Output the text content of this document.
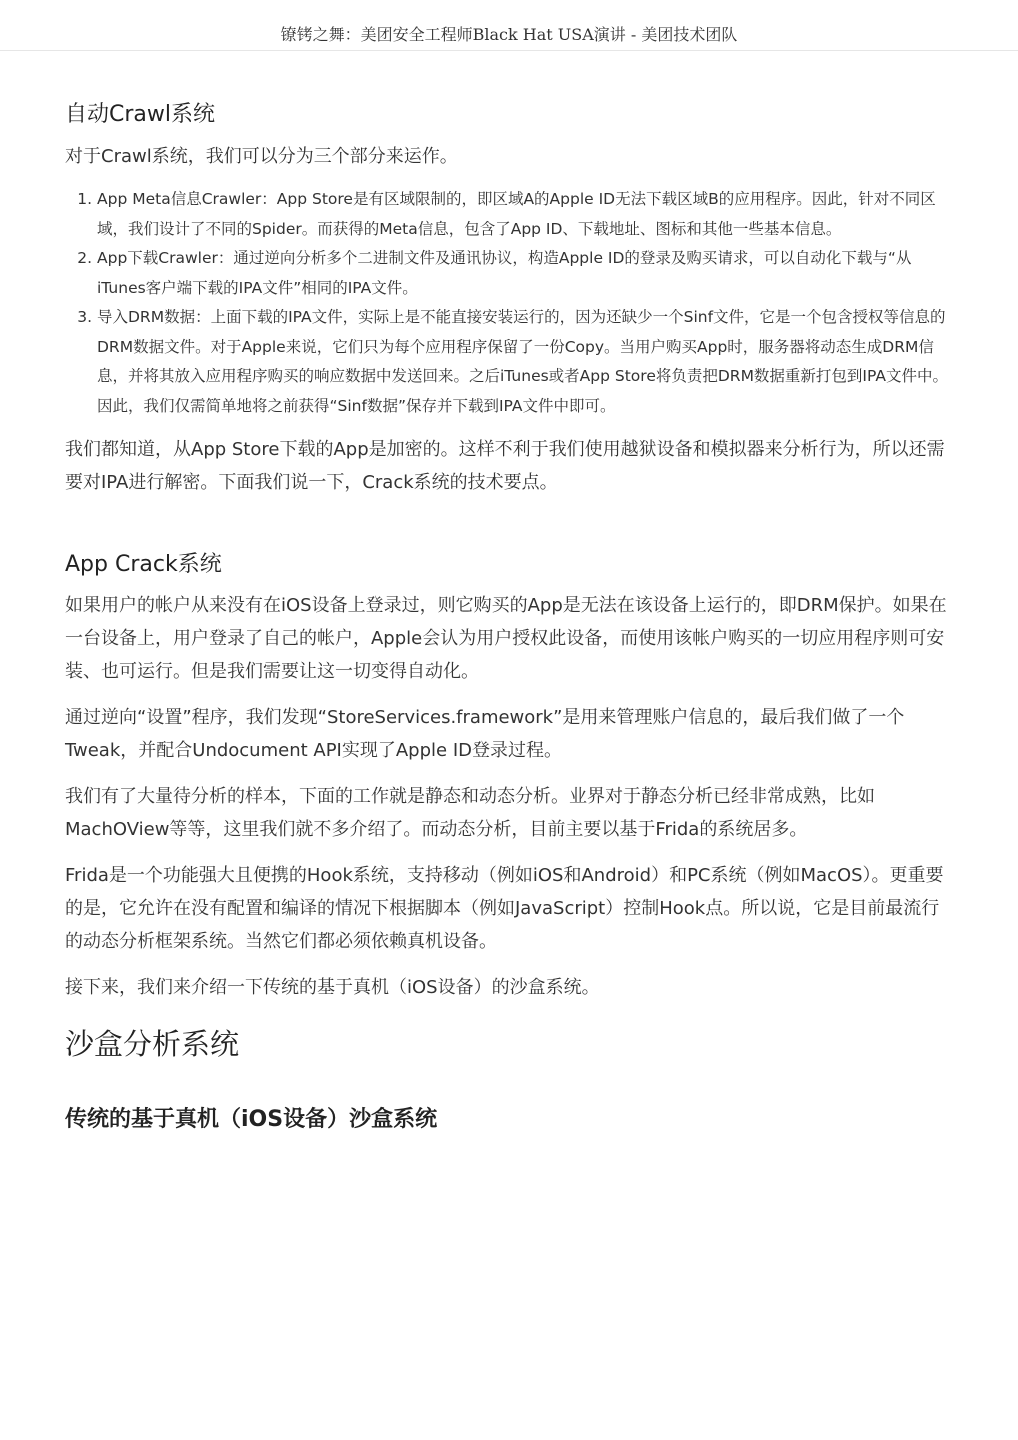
镣铐之舞：美团安全工程师Black Hat USA演讲 - 美团技术团队
自动Crawl系统

对于Crawl系统，我们可以分为三个部分来运作。

1. App Meta信息Crawler：App Store是有区域限制的，即区域A的Apple ID无法下载区域B的应用程序。因此，针对不同区域，我们设计了不同的Spider。而获得的Meta信息，包含了App ID、下载地址、图标和其他一些基本信息。
2. App下载Crawler：通过逆向分析多个二进制文件及通讯协议，构造Apple ID的登录及购买请求，可以自动化下载与“从iTunes客户端下载的IPA文件”相同的IPA文件。
3. 导入DRM数据：上面下载的IPA文件，实际上是不能直接安装运行的，因为还缺少一个Sinf文件，它是一个包含授权等信息的DRM数据文件。对于Apple来说，它们只为每个应用程序保留了一份Copy。当用户购买App时，服务器将动态生成DRM信息，并将其放入应用程序购买的响应数据中发送回来。之后iTunes或者App Store将负责把DRM数据重新打包到IPA文件中。因此，我们仅需简单地将之前获得“Sinf数据”保存并下载到IPA文件中即可。

我们都知道，从App Store下载的App是加密的。这样不利于我们使用越狱设备和模拟器来分析行为，所以还需要对IPA进行解密。下面我们说一下，Crack系统的技术要点。

App Crack系统

如果用户的帐户从来没有在iOS设备上登录过，则它购买的App是无法在该设备上运行的，即DRM保护。如果在一台设备上，用户登录了自己的帐户，Apple会认为用户授权此设备，而使用该帐户购买的一切应用程序则可安装、也可运行。但是我们需要让这一切变得自动化。

通过逆向“设置”程序，我们发现“StoreServices.framework”是用来管理账户信息的，最后我们做了一个Tweak，并配合Undocument API实现了Apple ID登录过程。

我们有了大量待分析的样本，下面的工作就是静态和动态分析。业界对于静态分析已经非常成熟，比如MachOView等等，这里我们就不多介绍了。而动态分析，目前主要以基于Frida的系统居多。

Frida是一个功能强大且便携的Hook系统，支持移动（例如iOS和Android）和PC系统（例如MacOS）。更重要的是，它允许在没有配置和编译的情况下根据脚本（例如JavaScript）控制Hook点。所以说，它是目前最流行的动态分析框架系统。当然它们都必须依赖真机设备。

接下来，我们来介绍一下传统的基于真机（iOS设备）的沙盒系统。

沙盒分析系统
传统的基于真机（iOS设备）沙盒系统
